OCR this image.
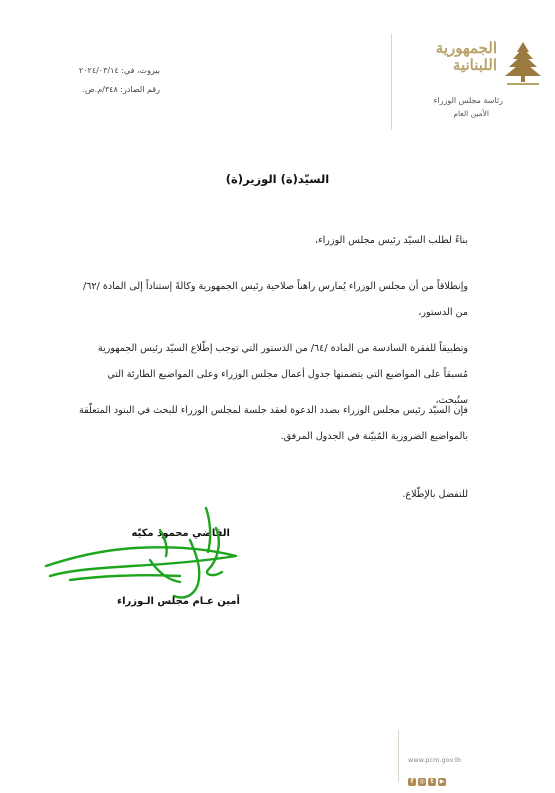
الجمهورية اللبنانية
رئاسة مجلس الوزراء
الأمين العام
بيروت، في: ٢٠٢٤/٠٣/١٤
رقم الصادر: ٣٤٨/م.ص.
السيّد(ة) الوزير(ة)
بناءً لطلب السيّد رئيس مجلس الوزراء،
وإنطلاقاً من أن مجلس الوزراء يُمارس راهناً صلاحية رئيس الجمهورية وكالةً إستناداً إلى المادة /٦٢/ من الدستور،
وتطبيقاً للفقرة السادسة من المادة /٦٤/ من الدستور التي توجب إطّلاع السيّد رئيس الجمهورية مُسبقاً على المواضيع التي يتضمنها جدول أعمال مجلس الوزراء وعلى المواضيع الطارئة التي ستُبحث،
فإن السيّد رئيس مجلس الوزراء بصدد الدعوة لعقد جلسة لمجلس الوزراء للبحث في البنود المتعلّقة بالمواضيع الضرورية المُبيّنة في الجدول المرفق.
للتفضل بالإطّلاع.
القاضي محمود مكيّه
أمين عـام مجلس الـوزراء
www.pcm.gov.lb
f ◎ t ▶
